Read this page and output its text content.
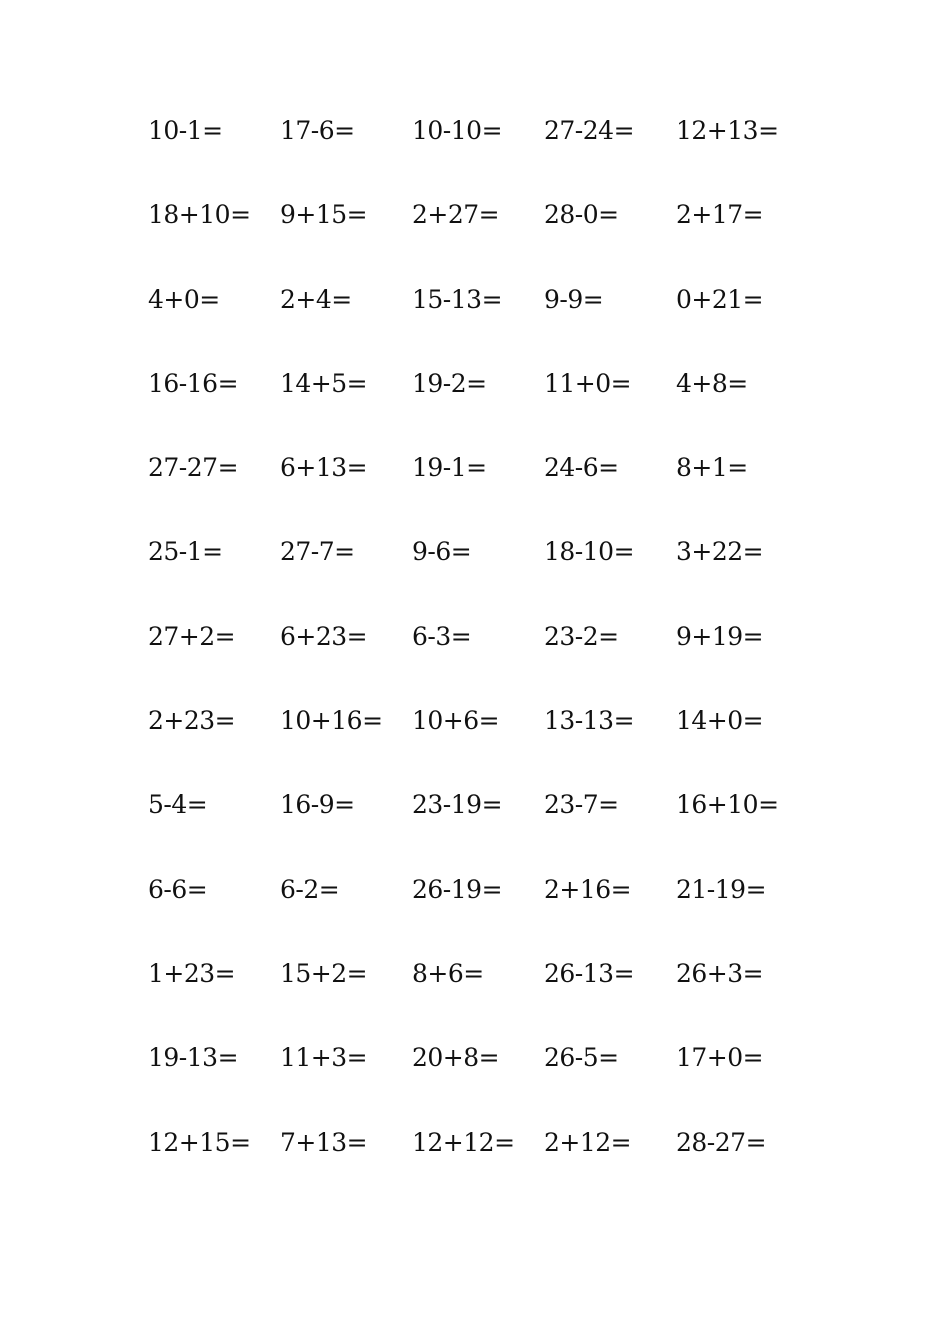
10-1=	17-6=	10-10=	27-24=	12+13=
18+10=	9+15=	2+27=	28-0=	2+17=
4+0=	2+4=	15-13=	9-9=	0+21=
16-16=	14+5=	19-2=	11+0=	4+8=
27-27=	6+13=	19-1=	24-6=	8+1=
25-1=	27-7=	9-6=	18-10=	3+22=
27+2=	6+23=	6-3=	23-2=	9+19=
2+23=	10+16=	10+6=	13-13=	14+0=
5-4=	16-9=	23-19=	23-7=	16+10=
6-6=	6-2=	26-19=	2+16=	21-19=
1+23=	15+2=	8+6=	26-13=	26+3=
19-13=	11+3=	20+8=	26-5=	17+0=
12+15=	7+13=	12+12=	2+12=	28-27=
